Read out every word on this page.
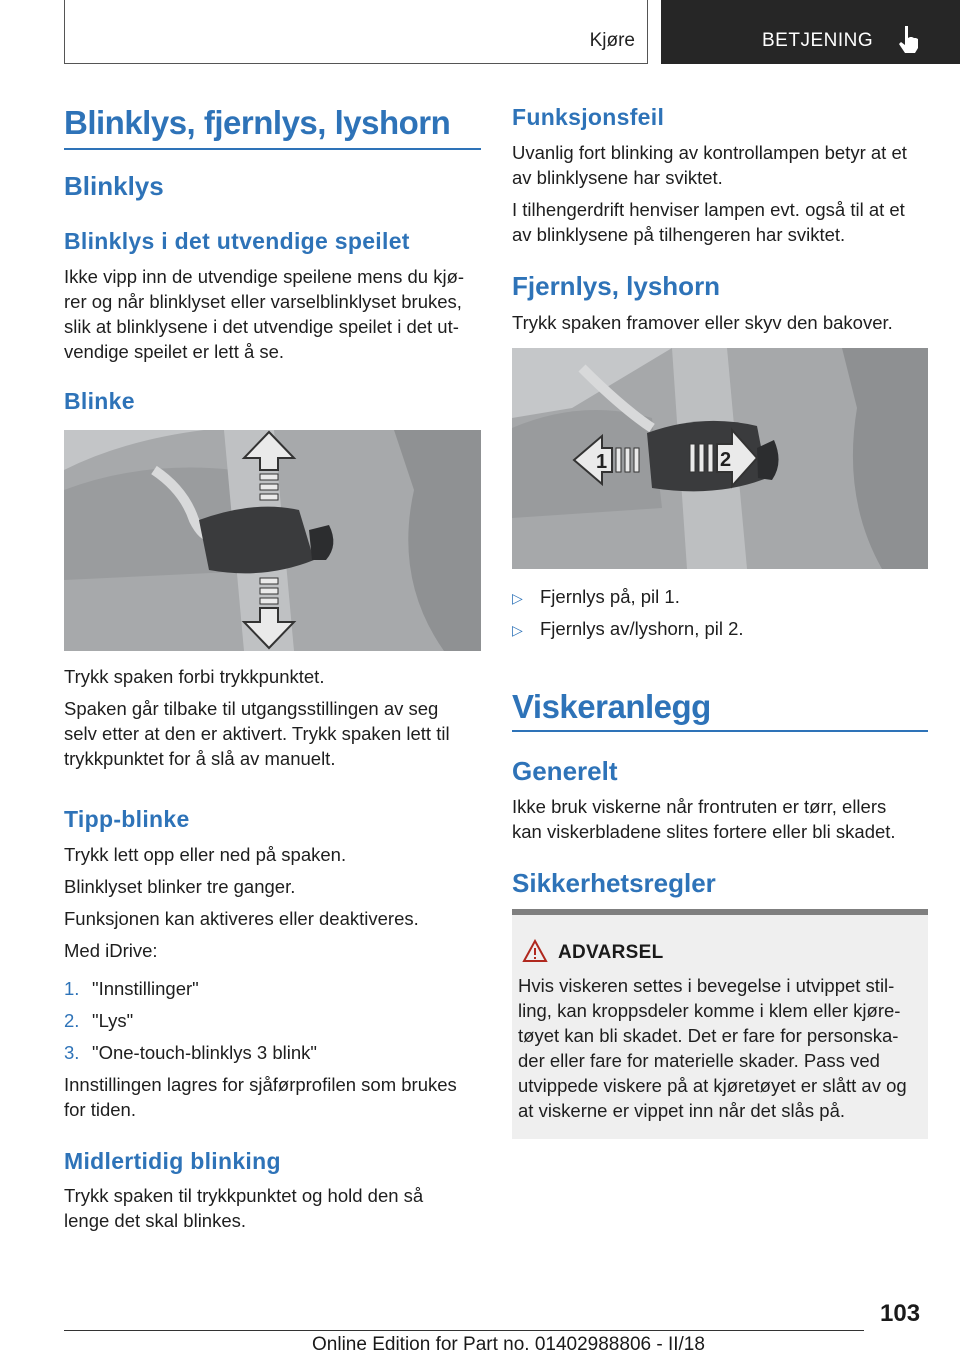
Kjøre	BETJENING
Blinklys, fjernlys, lyshorn
Blinklys
Blinklys i det utvendige speilet

Ikke vipp inn de utvendige speilene mens du kjø‐

rer og når blinklyset eller varselblinklyset brukes,

slik at blinklysene i det utvendige speilet i det ut‐

vendige speilet er lett å se.

Blinke

Trykk spaken forbi trykkpunktet.

Spaken går tilbake til utgangsstillingen av seg

selv etter at den er aktivert. Trykk spaken lett til

trykkpunktet for å slå av manuelt.

Tipp-blinke

Trykk lett opp eller ned på spaken.

Blinklyset blinker tre ganger.

Funksjonen kan aktiveres eller deaktiveres.

Med iDrive:

1. "Innstillinger"
2. "Lys"
3. "One-touch-blinklys 3 blink"

Innstillingen lagres for sjåførprofilen som brukes

for tiden.

Midlertidig blinking

Trykk spaken til trykkpunktet og hold den så

lenge det skal blinkes.

Funksjonsfeil

Uvanlig fort blinking av kontrollampen betyr at et

av blinklysene har sviktet.

I tilhengerdrift henviser lampen evt. også til at et

av blinklysene på tilhengeren har sviktet.

Fjernlys, lyshorn

Trykk spaken framover eller skyv den bakover.

1	2
▷ Fjernlys på, pil 1.
▷ Fjernlys av/lyshorn, pil 2.
Viskeranlegg
Generelt

Ikke bruk viskerne når frontruten er tørr, ellers

kan viskerbladene slites fortere eller bli skadet.

Sikkerhetsregler
ADVARSEL

Hvis viskeren settes i bevegelse i utvippet stil‐

ling, kan kroppsdeler komme i klem eller kjøre‐

tøyet kan bli skadet. Det er fare for personska‐

der eller fare for materielle skader. Pass ved

utvippede viskere på at kjøretøyet er slått av og

at viskerne er vippet inn når det slås på.

103
Online Edition for Part no. 01402988806 - II/18
